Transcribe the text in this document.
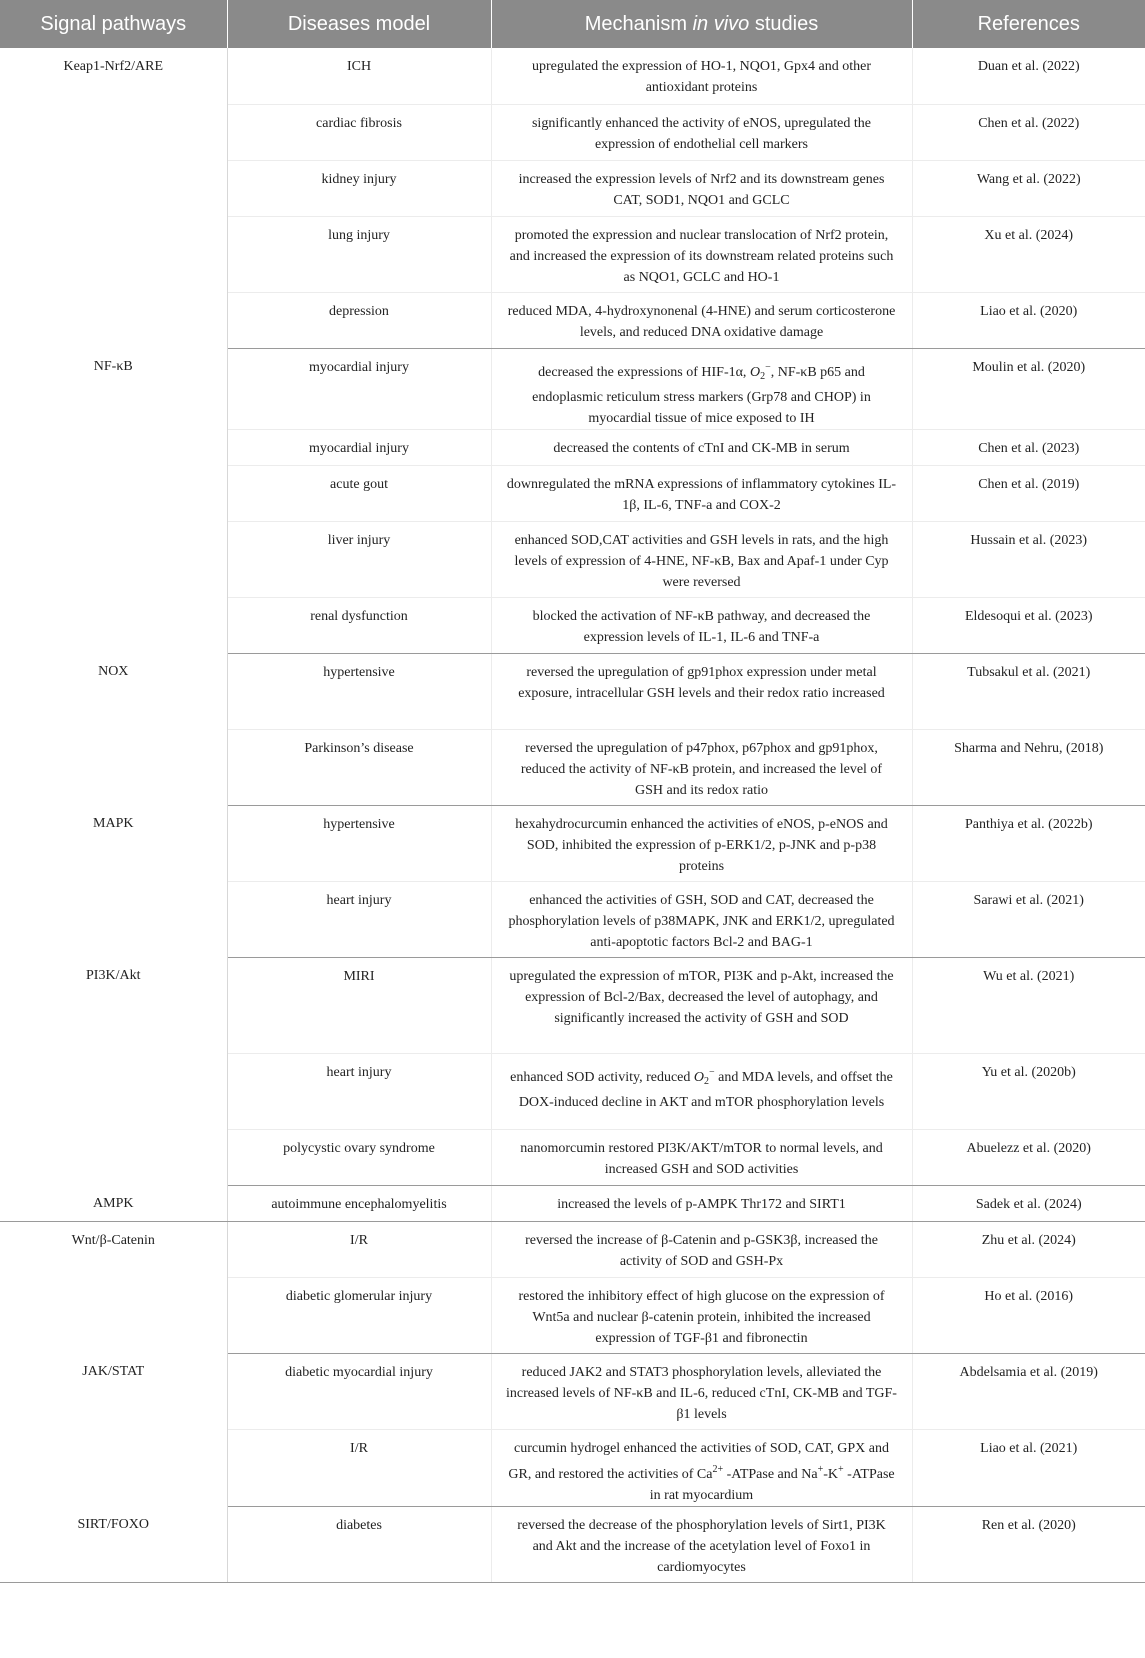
Signal pathways	Diseases model	Mechanism in vivo studies	References
Keap1-Nrf2/ARE	ICH	upregulated the expression of HO-1, NQO1, Gpx4 and other antioxidant proteins	Duan et al. (2022)
	cardiac fibrosis	significantly enhanced the activity of eNOS, upregulated the expression of endothelial cell markers	Chen et al. (2022)
	kidney injury	increased the expression levels of Nrf2 and its downstream genes CAT, SOD1, NQO1 and GCLC	Wang et al. (2022)
	lung injury	promoted the expression and nuclear translocation of Nrf2 protein, and increased the expression of its downstream related proteins such as NQO1, GCLC and HO-1	Xu et al. (2024)
	depression	reduced MDA, 4-hydroxynonenal (4-HNE) and serum corticosterone levels, and reduced DNA oxidative damage	Liao et al. (2020)
NF-κB	myocardial injury	decreased the expressions of HIF-1α, $O_2^-$, NF-κB p65 and endoplasmic reticulum stress markers (Grp78 and CHOP) in myocardial tissue of mice exposed to IH	Moulin et al. (2020)
	myocardial injury	decreased the contents of cTnI and CK-MB in serum	Chen et al. (2023)
	acute gout	downregulated the mRNA expressions of inflammatory cytokines IL-1β, IL-6, TNF-a and COX-2	Chen et al. (2019)
	liver injury	enhanced SOD,CAT activities and GSH levels in rats, and the high levels of expression of 4-HNE, NF-κB, Bax and Apaf-1 under Cyp were reversed	Hussain et al. (2023)
	renal dysfunction	blocked the activation of NF-κB pathway, and decreased the expression levels of IL-1, IL-6 and TNF-a	Eldesoqui et al. (2023)
NOX	hypertensive	reversed the upregulation of gp91phox expression under metal exposure, intracellular GSH levels and their redox ratio increased	Tubsakul et al. (2021)
	Parkinson’s disease	reversed the upregulation of p47phox, p67phox and gp91phox, reduced the activity of NF-κB protein, and increased the level of GSH and its redox ratio	Sharma and Nehru, (2018)
MAPK	hypertensive	hexahydrocurcumin enhanced the activities of eNOS, p-eNOS and SOD, inhibited the expression of p-ERK1/2, p-JNK and p-p38 proteins	Panthiya et al. (2022b)
	heart injury	enhanced the activities of GSH, SOD and CAT, decreased the phosphorylation levels of p38MAPK, JNK and ERK1/2, upregulated anti-apoptotic factors Bcl-2 and BAG-1	Sarawi et al. (2021)
PI3K/Akt	MIRI	upregulated the expression of mTOR, PI3K and p-Akt, increased the expression of Bcl-2/Bax, decreased the level of autophagy, and significantly increased the activity of GSH and SOD	Wu et al. (2021)
	heart injury	enhanced SOD activity, reduced $O_2^-$ and MDA levels, and offset the DOX-induced decline in AKT and mTOR phosphorylation levels	Yu et al. (2020b)
	polycystic ovary syndrome	nanomorcumin restored PI3K/AKT/mTOR to normal levels, and increased GSH and SOD activities	Abuelezz et al. (2020)
AMPK	autoimmune encephalomyelitis	increased the levels of p-AMPK Thr172 and SIRT1	Sadek et al. (2024)
Wnt/β-Catenin	I/R	reversed the increase of β-Catenin and p-GSK3β, increased the activity of SOD and GSH-Px	Zhu et al. (2024)
	diabetic glomerular injury	restored the inhibitory effect of high glucose on the expression of Wnt5a and nuclear β-catenin protein, inhibited the increased expression of TGF-β1 and fibronectin	Ho et al. (2016)
JAK/STAT	diabetic myocardial injury	reduced JAK2 and STAT3 phosphorylation levels, alleviated the increased levels of NF-κB and IL-6, reduced cTnI, CK-MB and TGF-β1 levels	Abdelsamia et al. (2019)
	I/R	curcumin hydrogel enhanced the activities of SOD, CAT, GPX and GR, and restored the activities of $Ca^{2+}$ -ATPase and Na+-K+ -ATPase in rat myocardium	Liao et al. (2021)
SIRT/FOXO	diabetes	reversed the decrease of the phosphorylation levels of Sirt1, PI3K and Akt and the increase of the acetylation level of Foxo1 in cardiomyocytes	Ren et al. (2020)
